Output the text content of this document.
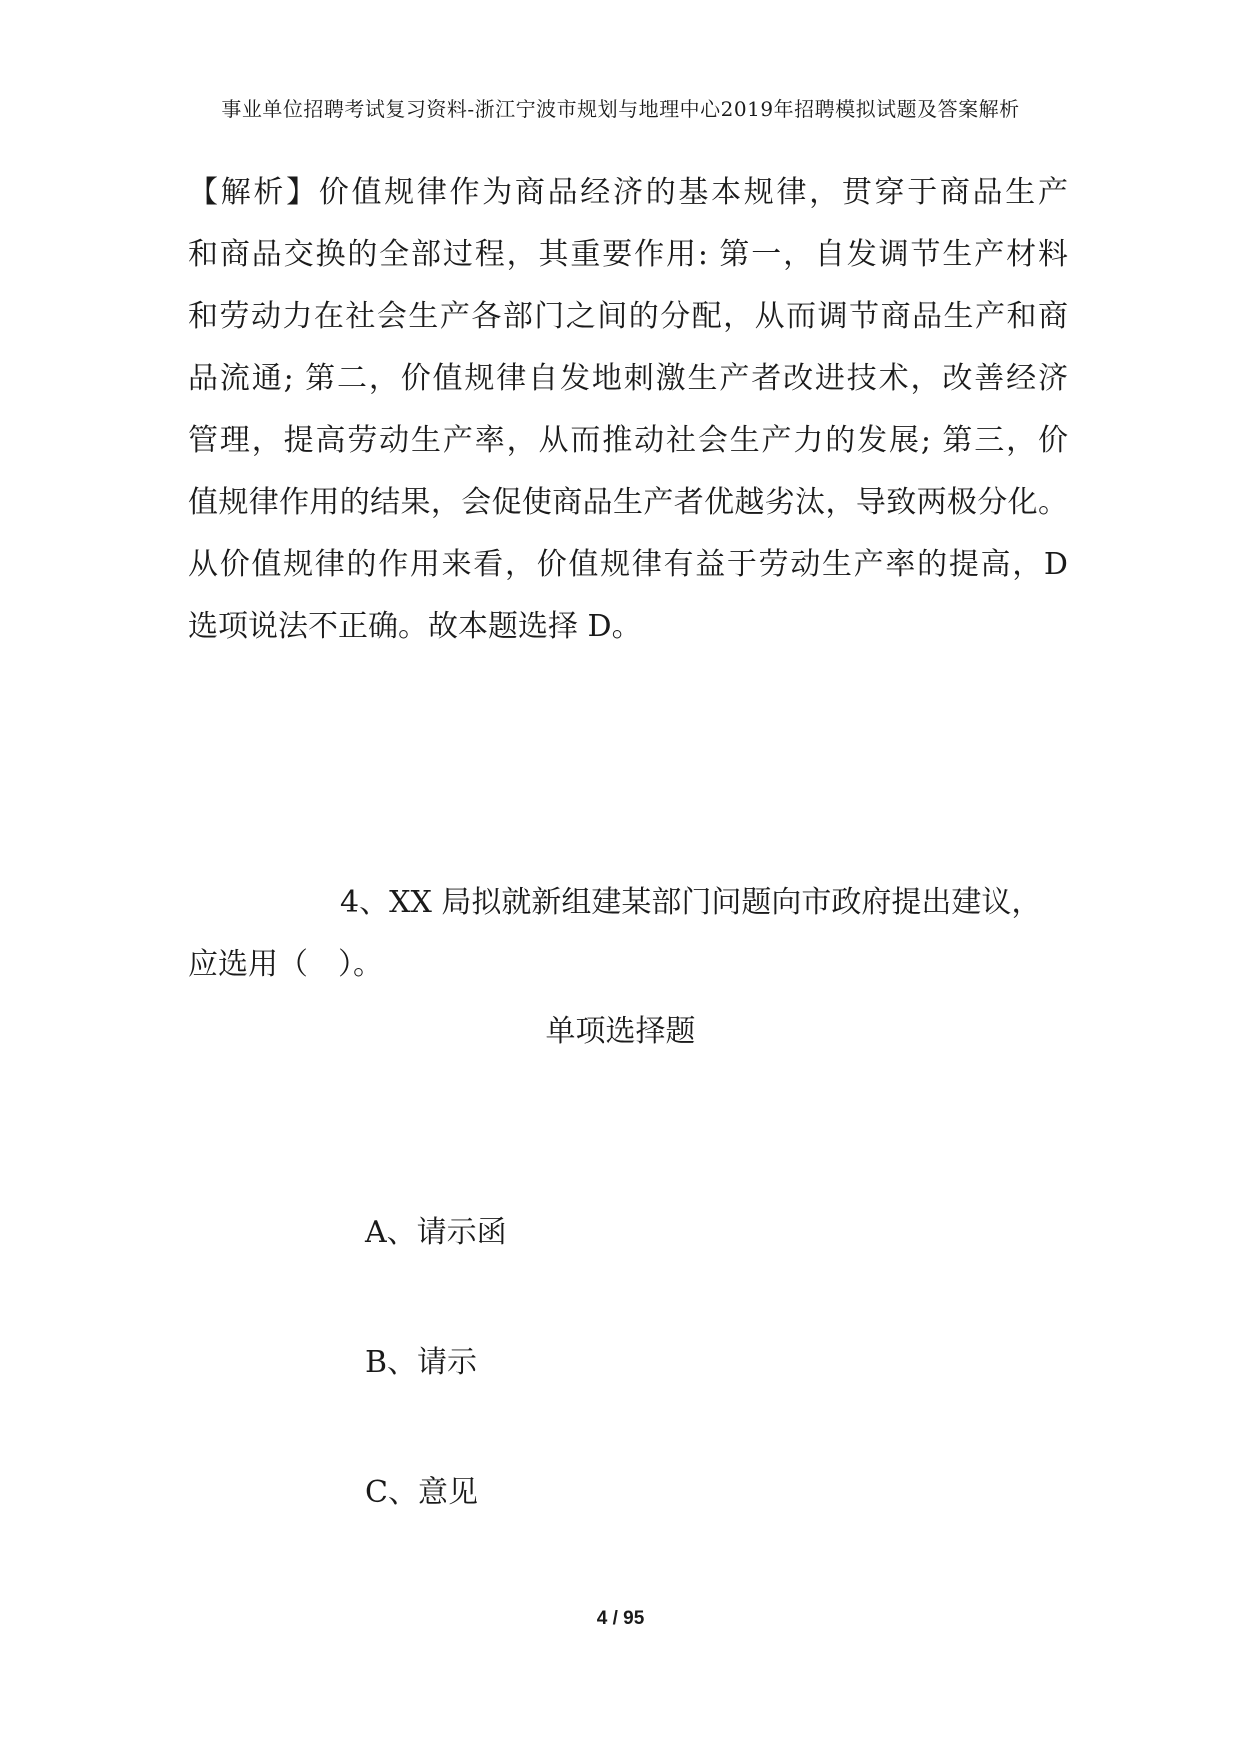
事业单位招聘考试复习资料-浙江宁波市规划与地理中心2019年招聘模拟试题及答案解析
【解析】价值规律作为商品经济的基本规律，贯穿于商品生产
和商品交换的全部过程，其重要作用: 第一，自发调节生产材料
和劳动力在社会生产各部门之间的分配，从而调节商品生产和商
品流通; 第二，价值规律自发地刺激生产者改进技术，改善经济
管理，提高劳动生产率，从而推动社会生产力的发展; 第三，价
值规律作用的结果，会促使商品生产者优越劣汰，导致两极分化。
从价值规律的作用来看，价值规律有益于劳动生产率的提高，D
选项说法不正确。故本题选择 D。
4、XX 局拟就新组建某部门问题向市政府提出建议，
应选用（　）。
单项选择题
A、请示函
B、请示
C、意见
4 / 95
